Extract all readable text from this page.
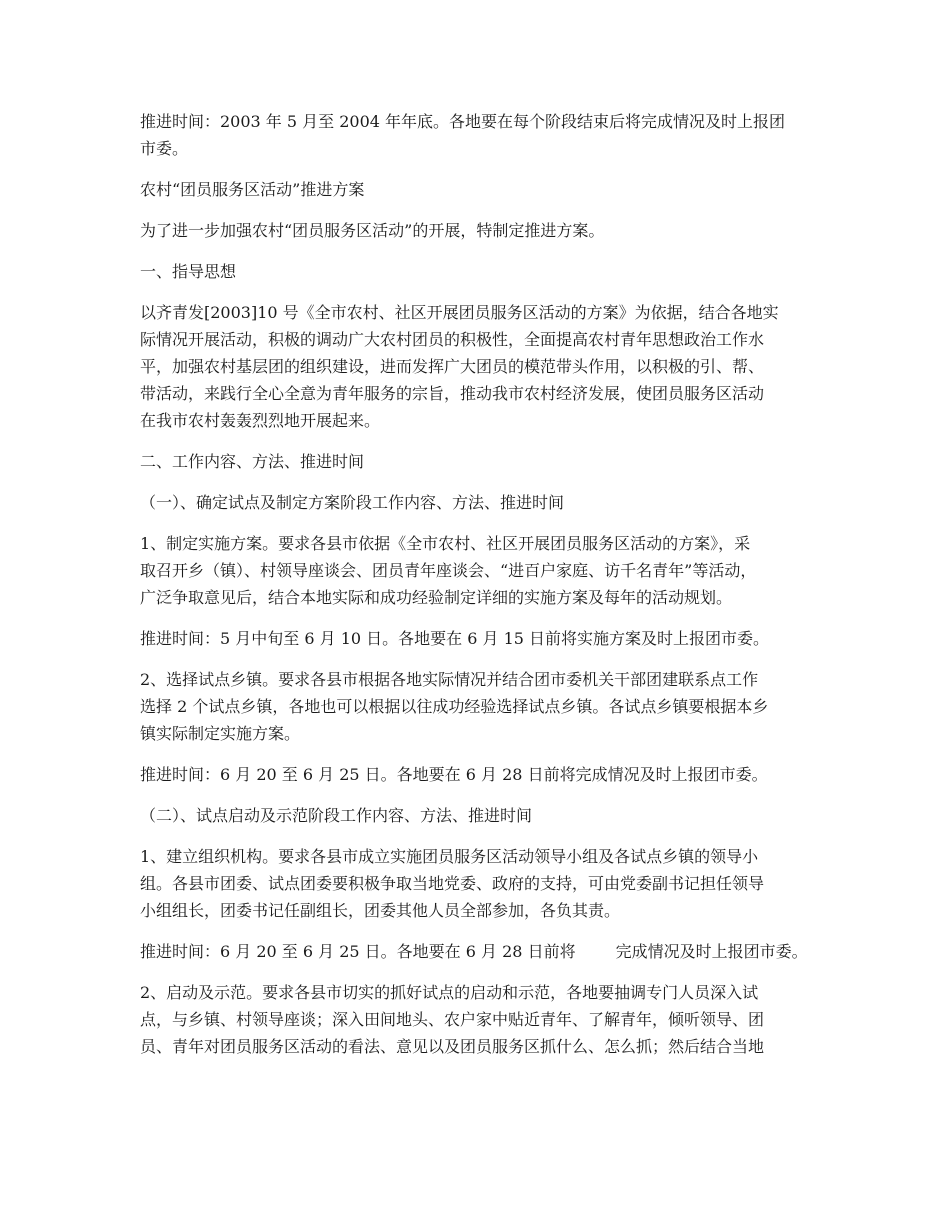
推进时间：2003 年 5 月至 2004 年年底。各地要在每个阶段结束后将完成情况及时上报团
市委。

农村“团员服务区活动”推进方案

为了进一步加强农村“团员服务区活动”的开展，特制定推进方案。

一、指导思想

以齐青发[2003]10 号《全市农村、社区开展团员服务区活动的方案》为依据，结合各地实
际情况开展活动，积极的调动广大农村团员的积极性，全面提高农村青年思想政治工作水
平，加强农村基层团的组织建设，进而发挥广大团员的模范带头作用，以积极的引、帮、
带活动，来践行全心全意为青年服务的宗旨，推动我市农村经济发展，使团员服务区活动
在我市农村轰轰烈烈地开展起来。

二、工作内容、方法、推进时间

（一）、确定试点及制定方案阶段工作内容、方法、推进时间

1、制定实施方案。要求各县市依据《全市农村、社区开展团员服务区活动的方案》，采
取召开乡（镇）、村领导座谈会、团员青年座谈会、“进百户家庭、访千名青年”等活动，
广泛争取意见后，结合本地实际和成功经验制定详细的实施方案及每年的活动规划。

推进时间：5 月中旬至 6 月 10 日。各地要在 6 月 15 日前将实施方案及时上报团市委。

2、选择试点乡镇。要求各县市根据各地实际情况并结合团市委机关干部团建联系点工作
选择 2 个试点乡镇，各地也可以根据以往成功经验选择试点乡镇。各试点乡镇要根据本乡
镇实际制定实施方案。

推进时间：6 月 20 至 6 月 25 日。各地要在 6 月 28 日前将完成情况及时上报团市委。

（二）、试点启动及示范阶段工作内容、方法、推进时间

1、建立组织机构。要求各县市成立实施团员服务区活动领导小组及各试点乡镇的领导小
组。各县市团委、试点团委要积极争取当地党委、政府的支持，可由党委副书记担任领导
小组组长，团委书记任副组长，团委其他人员全部参加，各负其责。

推进时间：6 月 20 至 6 月 25 日。各地要在 6 月 28 日前将	完成情况及时上报团市委。

2、启动及示范。要求各县市切实的抓好试点的启动和示范，各地要抽调专门人员深入试
点，与乡镇、村领导座谈；深入田间地头、农户家中贴近青年、了解青年，倾听领导、团
员、青年对团员服务区活动的看法、意见以及团员服务区抓什么、怎么抓；然后结合当地
